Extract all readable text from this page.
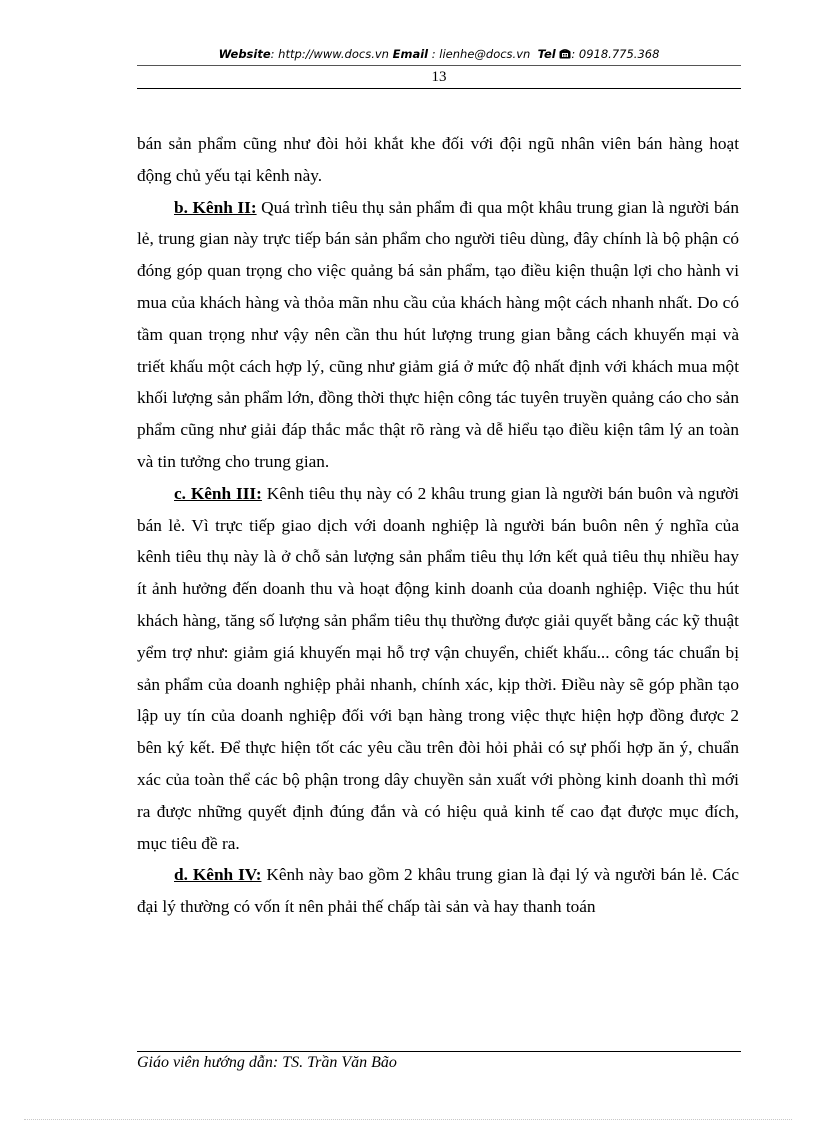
Website: http://www.docs.vn Email : lienhe@docs.vn Tel : 0918.775.368
13

bán sản phẩm cũng như đòi hỏi khắt khe đối với đội ngũ nhân viên bán hàng hoạt động chủ yếu tại kênh này.

b. Kênh II: Quá trình tiêu thụ sản phẩm đi qua một khâu trung gian là người bán lẻ, trung gian này trực tiếp bán sản phẩm cho người tiêu dùng, đây chính là bộ phận có đóng góp quan trọng cho việc quảng bá sản phẩm, tạo điều kiện thuận lợi cho hành vi mua của khách hàng và thỏa mãn nhu cầu của khách hàng một cách nhanh nhất. Do có tầm quan trọng như vậy nên cần thu hút lượng trung gian bằng cách khuyến mại và triết khấu một cách hợp lý, cũng như giảm giá ở mức độ nhất định với khách mua một khối lượng sản phẩm lớn, đồng thời thực hiện công tác tuyên truyền quảng cáo cho sản phẩm cũng như giải đáp thắc mắc thật rõ ràng và dễ hiểu tạo điều kiện tâm lý an toàn và tin tưởng cho trung gian.

c. Kênh III: Kênh tiêu thụ này có 2 khâu trung gian là người bán buôn và người bán lẻ. Vì trực tiếp giao dịch với doanh nghiệp là người bán buôn nên ý nghĩa của kênh tiêu thụ này là ở chỗ sản lượng sản phẩm tiêu thụ lớn kết quả tiêu thụ nhiều hay ít ảnh hưởng đến doanh thu và hoạt động kinh doanh của doanh nghiệp. Việc thu hút khách hàng, tăng số lượng sản phẩm tiêu thụ thường được giải quyết bằng các kỹ thuật yểm trợ như: giảm giá khuyến mại hỗ trợ vận chuyển, chiết khấu... công tác chuẩn bị sản phẩm của doanh nghiệp phải nhanh, chính xác, kịp thời. Điều này sẽ góp phần tạo lập uy tín của doanh nghiệp đối với bạn hàng trong việc thực hiện hợp đồng được 2 bên ký kết. Để thực hiện tốt các yêu cầu trên đòi hỏi phải có sự phối hợp ăn ý, chuẩn xác của toàn thể các bộ phận trong dây chuyền sản xuất với phòng kinh doanh thì mới ra được những quyết định đúng đắn và có hiệu quả kinh tế cao đạt được mục đích, mục tiêu đề ra.

d. Kênh IV: Kênh này bao gồm 2 khâu trung gian là đại lý và người bán lẻ. Các đại lý thường có vốn ít nên phải thế chấp tài sản và hay thanh toán

Giáo viên hướng dẫn: TS. Trần Văn Bão
